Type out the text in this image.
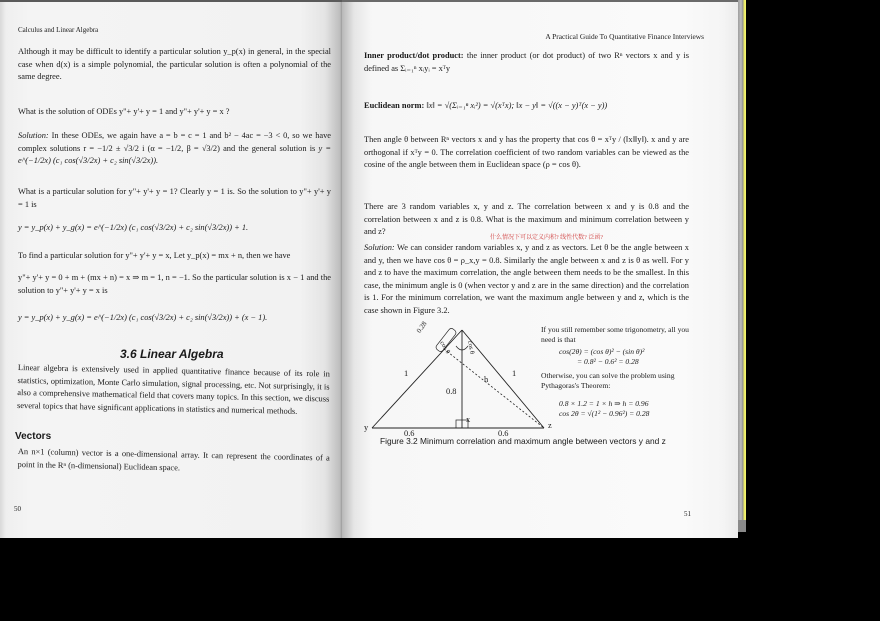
Calculus and Linear Algebra
Although it may be difficult to identify a particular solution y_p(x) in general, in the special case when d(x) is a simple polynomial, the particular solution is often a polynomial of the same degree.
What is the solution of ODEs y"+ y'+ y = 1 and y"+ y'+ y = x ?
Solution: In these ODEs, we again have a = b = c = 1 and b² − 4ac = −3 < 0, so we have complex solutions r = −1/2 ± √3/2 i (α = −1/2, β = √3/2) and the general solution is y = e^(−1/2x) (c₁ cos(√3/2x) + c₂ sin(√3/2x)).
What is a particular solution for y"+ y'+ y = 1? Clearly y = 1 is. So the solution to y"+ y'+ y = 1 is
y = y_p(x) + y_g(x) = e^(−1/2x) (c₁ cos(√3/2x) + c₂ sin(√3/2x)) + 1.
To find a particular solution for y"+ y'+ y = x, Let y_p(x) = mx + n, then we have
y"+ y'+ y = 0 + m + (mx + n) = x ⇒ m = 1, n = −1. So the particular solution is x − 1 and the solution to y"+ y'+ y = x is
y = y_p(x) + y_g(x) = e^(−1/2x) (c₁ cos(√3/2x) + c₂ sin(√3/2x)) + (x − 1).
3.6 Linear Algebra
Linear algebra is extensively used in applied quantitative finance because of its role in statistics, optimization, Monte Carlo simulation, signal processing, etc. Not surprisingly, it is also a comprehensive mathematical field that covers many topics. In this section, we discuss several topics that have significant applications in statistics and numerical methods.
Vectors
An n×1 (column) vector is a one-dimensional array. It can represent the coordinates of a point in the Rⁿ (n-dimensional) Euclidean space.
50
A Practical Guide To Quantitative Finance Interviews
Inner product/dot product: the inner product (or dot product) of two Rⁿ vectors x and y is defined as Σᵢ₌₁ⁿ xᵢyᵢ = xᵀy
Euclidean norm: ‖x‖ = √(Σᵢ₌₁ⁿ xᵢ²) = √(xᵀx); ‖x − y‖ = √((x − y)ᵀ(x − y))
Then angle θ between Rⁿ vectors x and y has the property that cos θ = xᵀy / (‖x‖‖y‖). x and y are orthogonal if xᵀy = 0. The correlation coefficient of two random variables can be viewed as the cosine of the angle between them in Euclidean space (ρ = cos θ).
There are 3 random variables x, y and z. The correlation between x and y is 0.8 and the correlation between x and z is 0.8. What is the maximum and minimum correlation between y and z?
什么情况下可以定义内积? 线性代数? 泛函?
Solution: We can consider random variables x, y and z as vectors. Let θ be the angle between x and y, then we have cos θ = ρ_x,y = 0.8. Similarly the angle between x and z is θ as well. For y and z to have the maximum correlation, the angle between them needs to be the smallest. In this case, the minimum angle is 0 (when vector y and z are in the same direction) and the correlation is 1. For the minimum correlation, we want the maximum angle between y and z, which is the case shown in Figure 3.2.
0.28
cos θ	cos θ
1	1
h
0.8
x
y	z
0.6	0.6
Figure 3.2 Minimum correlation and maximum angle between vectors y and z
If you still remember some trigonometry, all you need is that
cos(2θ) = (cos θ)² − (sin θ)²
= 0.8² − 0.6² = 0.28
Otherwise, you can solve the problem using Pythagoras's Theorem:
0.8 × 1.2 = 1 × h ⇒ h = 0.96
cos 2θ = √(1² − 0.96²) = 0.28
51
